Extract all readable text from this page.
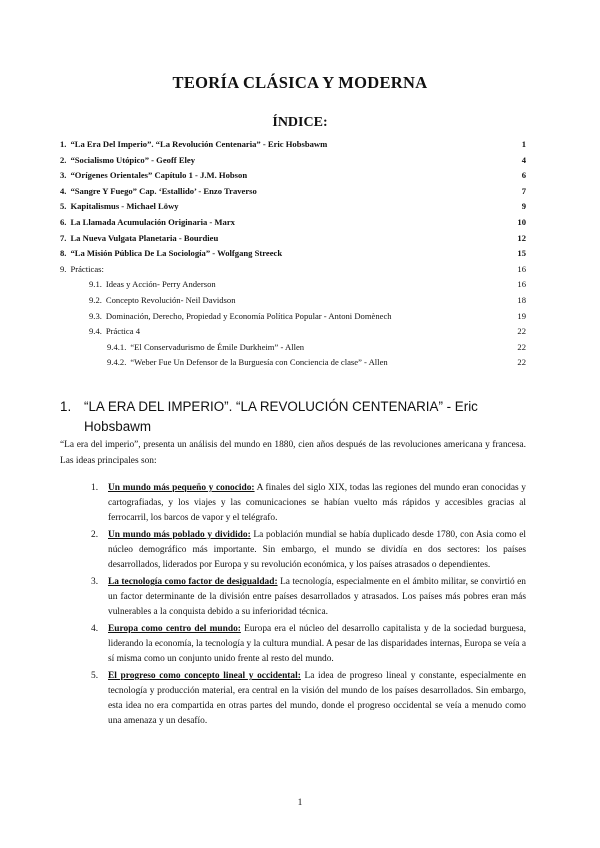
TEORÍA CLÁSICA Y MODERNA
ÍNDICE:
1. “La Era Del Imperio”. “La Revolución Centenaria” - Eric Hobsbawm	1
2. “Socialismo Utópico” - Geoff Eley	4
3. “Orígenes Orientales” Capítulo 1 - J.M. Hobson	6
4. “Sangre Y Fuego” Cap. ‘Estallido’ - Enzo Traverso	7
5. Kapitalismus - Michael Löwy	9
6. La Llamada Acumulación Originaria - Marx	10
7. La Nueva Vulgata Planetaria - Bourdieu	12
8. “La Misión Pública De La Sociología” - Wolfgang Streeck	15
9. Prácticas:	16
9.1. Ideas y Acción- Perry Anderson	16
9.2. Concepto Revolución- Neil Davidson	18
9.3. Dominación, Derecho, Propiedad y Economía Política Popular - Antoni Domènech	19
9.4. Práctica 4	22
9.4.1. “El Conservadurismo de Émile Durkheim” - Allen	22
9.4.2. “Weber Fue Un Defensor de la Burguesía con Conciencia de clase” - Allen	22
1. “LA ERA DEL IMPERIO”. “LA REVOLUCIÓN CENTENARIA” - Eric Hobsbawm

“La era del imperio”, presenta un análisis del mundo en 1880, cien años después de las revoluciones americana y francesa. Las ideas principales son:

1. Un mundo más pequeño y conocido: A finales del siglo XIX, todas las regiones del mundo eran conocidas y cartografiadas, y los viajes y las comunicaciones se habían vuelto más rápidos y accesibles gracias al ferrocarril, los barcos de vapor y el telégrafo.
2. Un mundo más poblado y dividido: La población mundial se había duplicado desde 1780, con Asia como el núcleo demográfico más importante. Sin embargo, el mundo se dividía en dos sectores: los países desarrollados, liderados por Europa y su revolución económica, y los países atrasados o dependientes.
3. La tecnología como factor de desigualdad: La tecnología, especialmente en el ámbito militar, se convirtió en un factor determinante de la división entre países desarrollados y atrasados. Los países más pobres eran más vulnerables a la conquista debido a su inferioridad técnica.
4. Europa como centro del mundo: Europa era el núcleo del desarrollo capitalista y de la sociedad burguesa, liderando la economía, la tecnología y la cultura mundial. A pesar de las disparidades internas, Europa se veía a sí misma como un conjunto unido frente al resto del mundo.
5. El progreso como concepto lineal y occidental: La idea de progreso lineal y constante, especialmente en tecnología y producción material, era central en la visión del mundo de los países desarrollados. Sin embargo, esta idea no era compartida en otras partes del mundo, donde el progreso occidental se veía a menudo como una amenaza y un desafío.

1
